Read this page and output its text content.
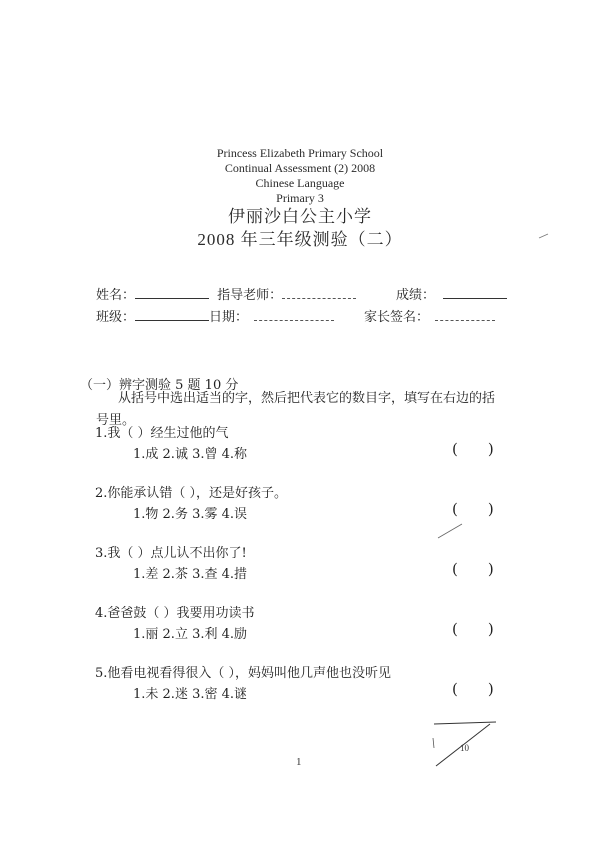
Princess Elizabeth Primary School
Continual Assessment (2) 2008
Chinese Language
Primary 3
伊丽沙白公主小学
2008 年三年级测验（二）
姓名：	指导老师：	成绩：
班级：	日期：	家长签名：
（一）辨字测验 5 题 10 分
从括号中选出适当的字，然后把代表它的数目字，填写在右边的括号里。
1.我（ ）经生过他的气
1.成 2.诚 3.曾 4.称	( )
2.你能承认错（ ），还是好孩子。
1.物 2.务 3.雾 4.误	( )
3.我（ ）点儿认不出你了!
1.差 2.茶 3.查 4.措	( )
4.爸爸鼓（ ）我要用功读书
1.丽 2.立 3.利 4.励	( )
5.他看电视看得很入（ ），妈妈叫他几声他也没听见
1.未 2.迷 3.密 4.谜	( )
10
1
